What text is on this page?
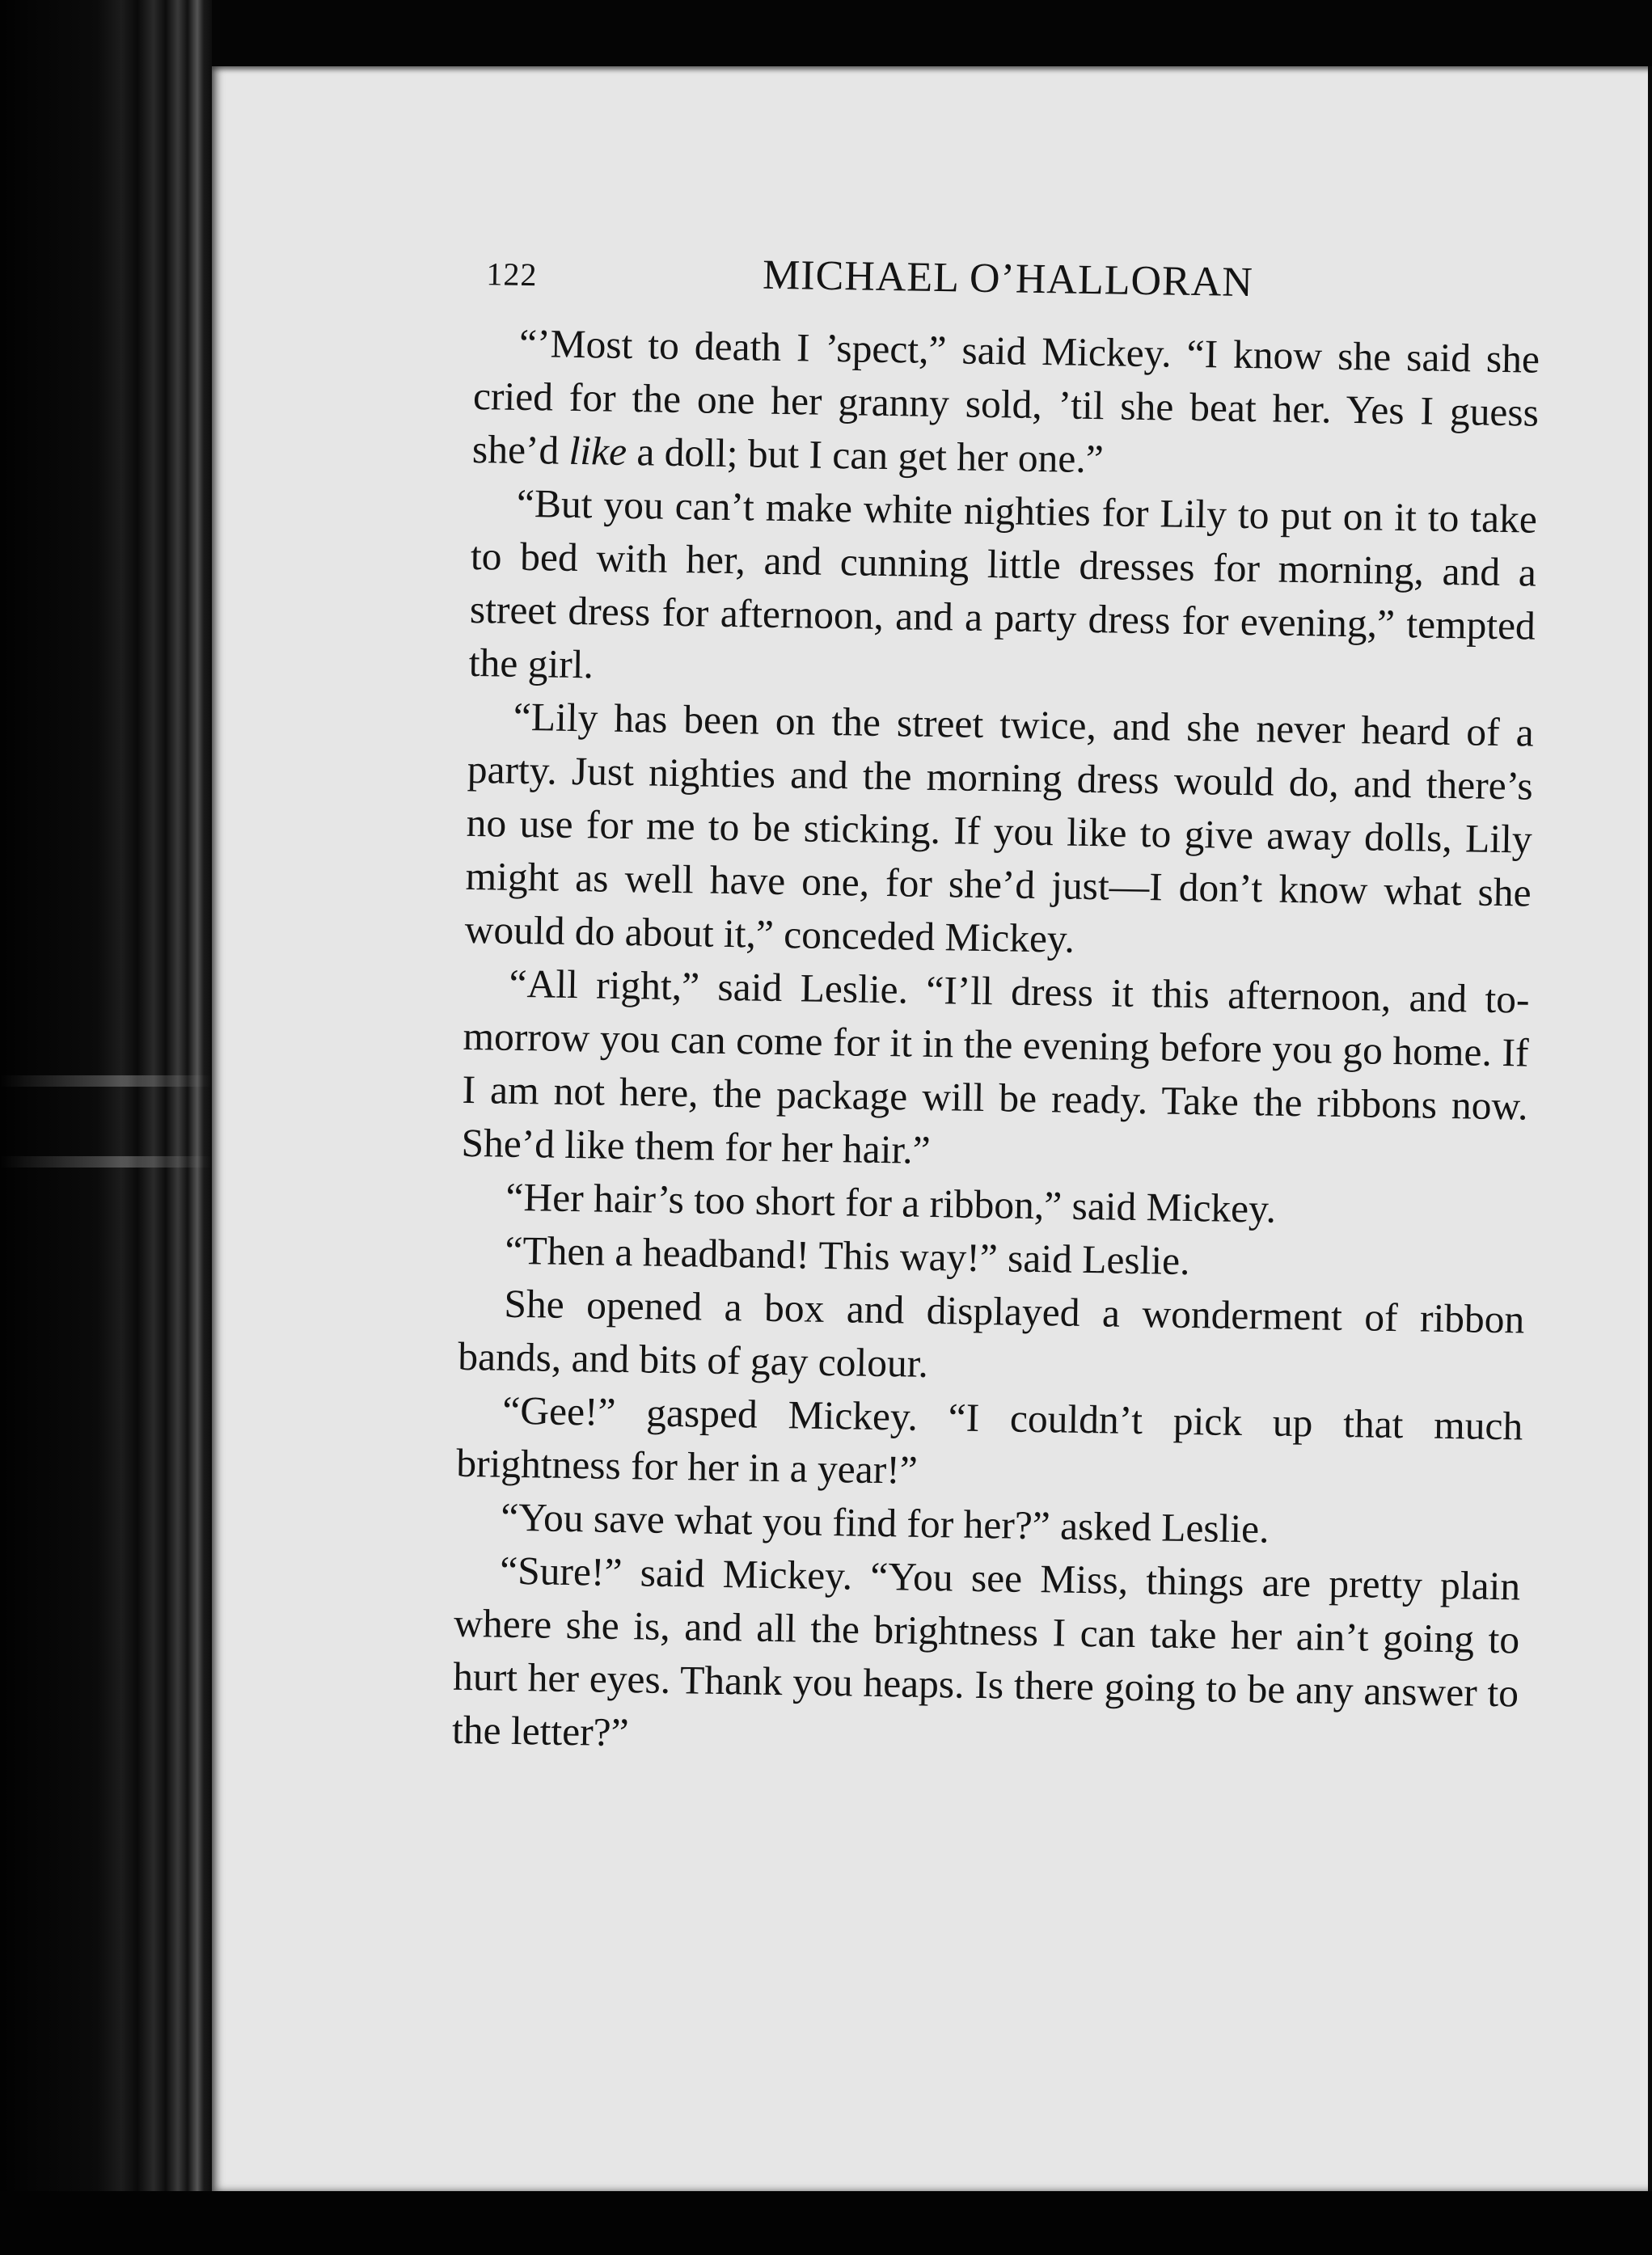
122	MICHAEL O’HALLORAN

“’Most to death I ’spect,” said Mickey. “I know she said she cried for the one her granny sold, ’til she beat her. Yes I guess she’d like a doll; but I can get her one.”

“But you can’t make white nighties for Lily to put on it to take to bed with her, and cunning little dresses for morning, and a street dress for afternoon, and a party dress for evening,” tempted the girl.

“Lily has been on the street twice, and she never heard of a party. Just nighties and the morning dress would do, and there’s no use for me to be sticking. If you like to give away dolls, Lily might as well have one, for she’d just—I don’t know what she would do about it,” conceded Mickey.

“All right,” said Leslie. “I’ll dress it this afternoon, and to-morrow you can come for it in the evening before you go home. If I am not here, the package will be ready. Take the ribbons now. She’d like them for her hair.”

“Her hair’s too short for a ribbon,” said Mickey.

“Then a headband! This way!” said Leslie.

She opened a box and displayed a wonderment of ribbon bands, and bits of gay colour.

“Gee!” gasped Mickey. “I couldn’t pick up that much brightness for her in a year!”

“You save what you find for her?” asked Leslie.

“Sure!” said Mickey. “You see Miss, things are pretty plain where she is, and all the brightness I can take her ain’t going to hurt her eyes. Thank you heaps. Is there going to be any answer to the letter?”
